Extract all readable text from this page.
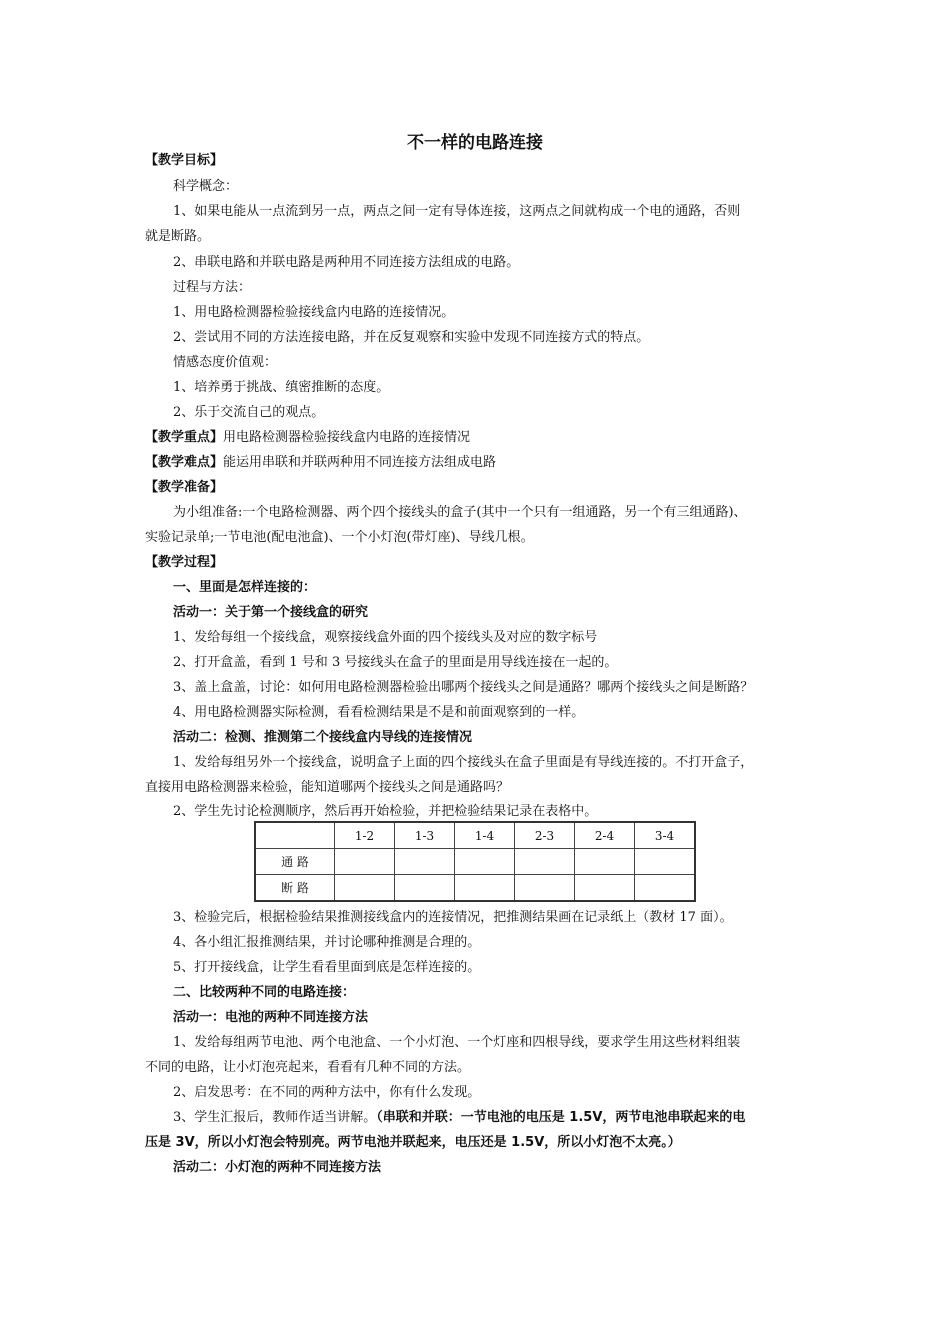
不一样的电路连接
【教学目标】
科学概念：
1、如果电能从一点流到另一点，两点之间一定有导体连接，这两点之间就构成一个电的通路，否则
就是断路。
2、串联电路和并联电路是两种用不同连接方法组成的电路。
过程与方法：
1、用电路检测器检验接线盒内电路的连接情况。
2、尝试用不同的方法连接电路，并在反复观察和实验中发现不同连接方式的特点。
情感态度价值观：
1、培养勇于挑战、缜密推断的态度。
2、乐于交流自己的观点。
【教学重点】用电路检测器检验接线盒内电路的连接情况
【教学难点】能运用串联和并联两种用不同连接方法组成电路
【教学准备】
为小组准备:一个电路检测器、两个四个接线头的盒子(其中一个只有一组通路，另一个有三组通路)、
实验记录单;一节电池(配电池盒)、一个小灯泡(带灯座)、导线几根。
【教学过程】
一、里面是怎样连接的：
活动一：关于第一个接线盒的研究
1、发给每组一个接线盒，观察接线盒外面的四个接线头及对应的数字标号
2、打开盒盖，看到 1 号和 3 号接线头在盒子的里面是用导线连接在一起的。
3、盖上盒盖，讨论：如何用电路检测器检验出哪两个接线头之间是通路？哪两个接线头之间是断路？
4、用电路检测器实际检测，看看检测结果是不是和前面观察到的一样。
活动二：检测、推测第二个接线盒内导线的连接情况
1、发给每组另外一个接线盒，说明盒子上面的四个接线头在盒子里面是有导线连接的。不打开盒子，
直接用电路检测器来检验，能知道哪两个接线头之间是通路吗？
2、学生先讨论检测顺序，然后再开始检验，并把检验结果记录在表格中。
3、检验完后，根据检验结果推测接线盒内的连接情况，把推测结果画在记录纸上（教材 17 面）。
4、各小组汇报推测结果，并讨论哪种推测是合理的。
5、打开接线盒，让学生看看里面到底是怎样连接的。
二、比较两种不同的电路连接：
活动一：电池的两种不同连接方法
1、发给每组两节电池、两个电池盒、一个小灯泡、一个灯座和四根导线，要求学生用这些材料组装
不同的电路，让小灯泡亮起来，看看有几种不同的方法。
2、启发思考：在不同的两种方法中，你有什么发现。
3、学生汇报后，教师作适当讲解。（串联和并联：一节电池的电压是 1.5V，两节电池串联起来的电
压是 3V，所以小灯泡会特别亮。两节电池并联起来，电压还是 1.5V，所以小灯泡不太亮。）
活动二：小灯泡的两种不同连接方法
	1-2	1-3	1-4	2-3	2-4	3-4
通 路						
断 路						
